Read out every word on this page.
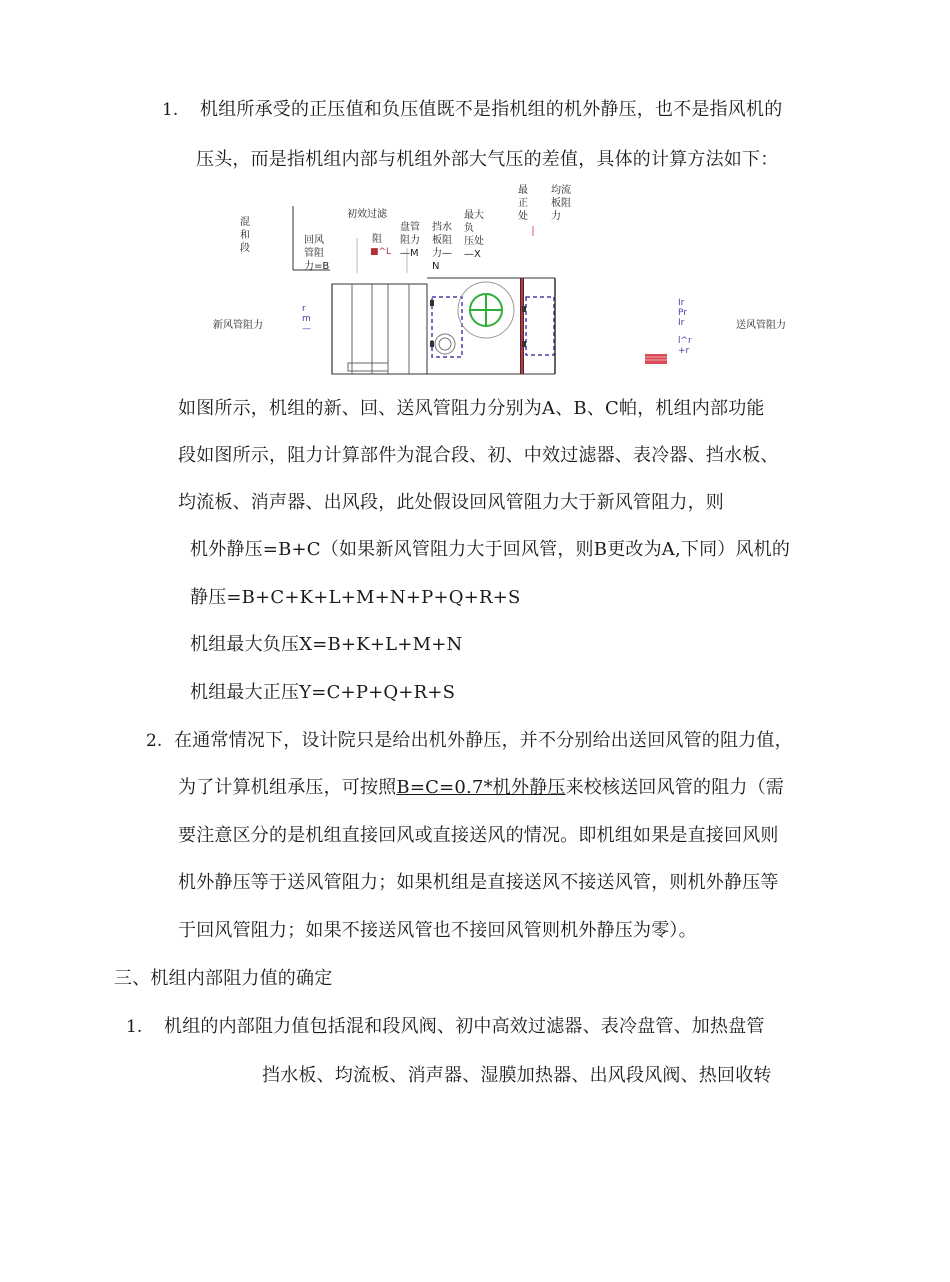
1. 机组所承受的正压值和负压值既不是指机组的机外静压，也不是指风机的
压头，而是指机组内部与机组外部大气压的差值，具体的计算方法如下：
混
和
段
回风
管阻
力=B
初效过滤
阻
■^L
盘管
阻力
—M
挡水
板阻
力—
N
最大
负
压处
—X
最
正
处
均流
板阻
力
新风管阻力
r
m
—
Ir
Pr
Ir
l^r
+r
送风管阻力
如图所示，机组的新、回、送风管阻力分别为A、B、C帕，机组内部功能
段如图所示，阻力计算部件为混合段、初、中效过滤器、表冷器、挡水板、
均流板、消声器、出风段，此处假设回风管阻力大于新风管阻力，则
机外静压=B+C（如果新风管阻力大于回风管，则B更改为A,下同）风机的
静压=B+C+K+L+M+N+P+Q+R+S
机组最大负压X=B+K+L+M+N
机组最大正压Y=C+P+Q+R+S
2. 在通常情况下，设计院只是给出机外静压，并不分别给出送回风管的阻力值，
为了计算机组承压，可按照B=C=0.7*机外静压来校核送回风管的阻力（需
要注意区分的是机组直接回风或直接送风的情况。即机组如果是直接回风则
机外静压等于送风管阻力；如果机组是直接送风不接送风管，则机外静压等
于回风管阻力；如果不接送风管也不接回风管则机外静压为零）。
三、机组内部阻力值的确定
1. 机组的内部阻力值包括混和段风阀、初中高效过滤器、表冷盘管、加热盘管
挡水板、均流板、消声器、湿膜加热器、出风段风阀、热回收转
